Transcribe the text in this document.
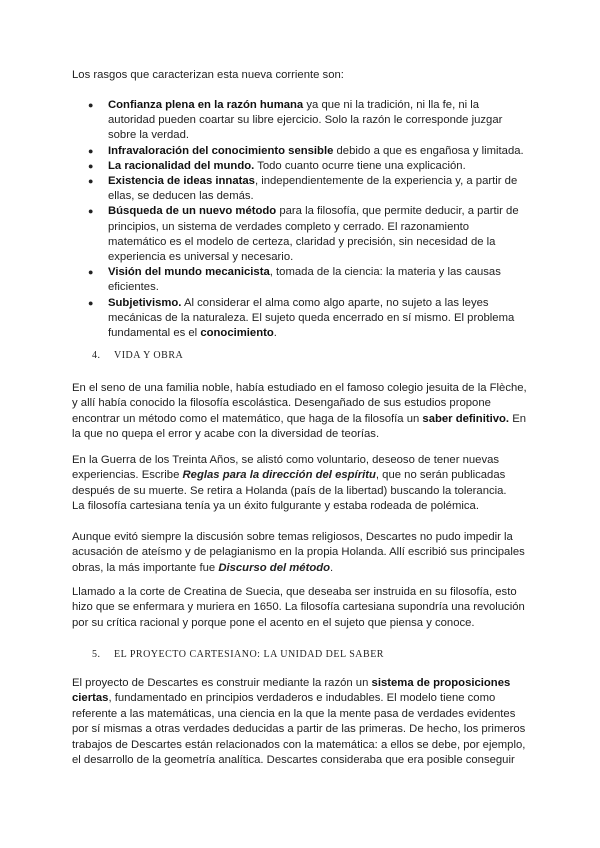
Los rasgos que caracterizan esta nueva corriente son:
● Confianza plena en la razón humana ya que ni la tradición, ni lla fe, ni la autoridad pueden coartar su libre ejercicio. Solo la razón le corresponde juzgar sobre la verdad.
● Infravaloración del conocimiento sensible debido a que es engañosa y limitada.
● La racionalidad del mundo. Todo cuanto ocurre tiene una explicación.
● Existencia de ideas innatas, independientemente de la experiencia y, a partir de ellas, se deducen las demás.
● Búsqueda de un nuevo método para la filosofía, que permite deducir, a partir de principios, un sistema de verdades completo y cerrado. El razonamiento matemático es el modelo de certeza, claridad y precisión, sin necesidad de la experiencia es universal y necesario.
● Visión del mundo mecanicista, tomada de la ciencia: la materia y las causas eficientes.
● Subjetivismo. Al considerar el alma como algo aparte, no sujeto a las leyes mecánicas de la naturaleza. El sujeto queda encerrado en sí mismo. El problema fundamental es el conocimiento.
4. VIDA Y OBRA

En el seno de una familia noble, había estudiado en el famoso colegio jesuita de la Flèche, y allí había conocido la filosofía escolástica. Desengañado de sus estudios propone encontrar un método como el matemático, que haga de la filosofía un saber definitivo. En la que no quepa el error y acabe con la diversidad de teorías.

En la Guerra de los Treinta Años, se alistó como voluntario, deseoso de tener nuevas experiencias. Escribe Reglas para la dirección del espíritu, que no serán publicadas después de su muerte. Se retira a Holanda (país de la libertad) buscando la tolerancia.
La filosofía cartesiana tenía ya un éxito fulgurante y estaba rodeada de polémica.

Aunque evitó siempre la discusión sobre temas religiosos, Descartes no pudo impedir la acusación de ateísmo y de pelagianismo en la propia Holanda. Allí escribió sus principales obras, la más importante fue Discurso del método.

Llamado a la corte de Creatina de Suecia, que deseaba ser instruida en su filosofía, esto hizo que se enfermara y muriera en 1650. La filosofía cartesiana supondría una revolución por su crítica racional y porque pone el acento en el sujeto que piensa y conoce.

5. EL PROYECTO CARTESIANO: LA UNIDAD DEL SABER

El proyecto de Descartes es construir mediante la razón un sistema de proposiciones ciertas, fundamentado en principios verdaderos e indudables. El modelo tiene como referente a las matemáticas, una ciencia en la que la mente pasa de verdades evidentes por sí mismas a otras verdades deducidas a partir de las primeras. De hecho, los primeros trabajos de Descartes están relacionados con la matemática: a ellos se debe, por ejemplo, el desarrollo de la geometría analítica. Descartes consideraba que era posible conseguir
